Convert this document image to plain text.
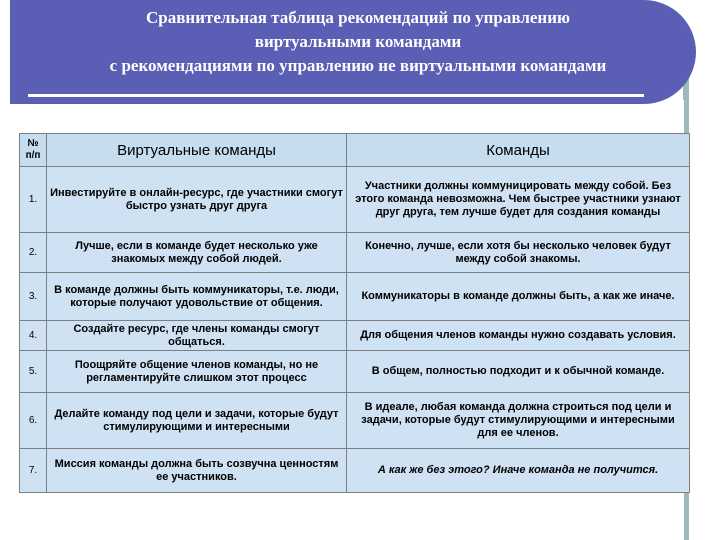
Сравнительная таблица рекомендаций по управлению
виртуальными командами
с рекомендациями по управлению не виртуальными командами
№ п/п	Виртуальные команды	Команды
1.	Инвестируйте в онлайн-ресурс, где участники смогут быстро узнать друг друга	Участники должны коммуницировать между собой. Без этого команда невозможна. Чем быстрее участники узнают друг друга, тем лучше будет для создания команды
2.	Лучше, если в команде будет несколько уже знакомых между собой людей.	Конечно, лучше, если хотя бы несколько человек будут между собой знакомы.
3.	В команде должны быть коммуникаторы, т.е. люди, которые получают удовольствие от общения.	Коммуникаторы в команде должны быть, а как же иначе.
4.	Создайте ресурс, где члены команды смогут общаться.	Для общения членов команды нужно создавать условия.
5.	Поощряйте общение членов команды, но не регламентируйте слишком этот процесс	В общем, полностью подходит и к обычной команде.
6.	Делайте команду под цели и задачи, которые будут стимулирующими и интересными	В идеале, любая команда должна строиться под цели и задачи, которые будут стимулирующими и интересными для ее членов.
7.	Миссия команды должна быть созвучна ценностям ее участников.	А как же без этого? Иначе команда не получится.
